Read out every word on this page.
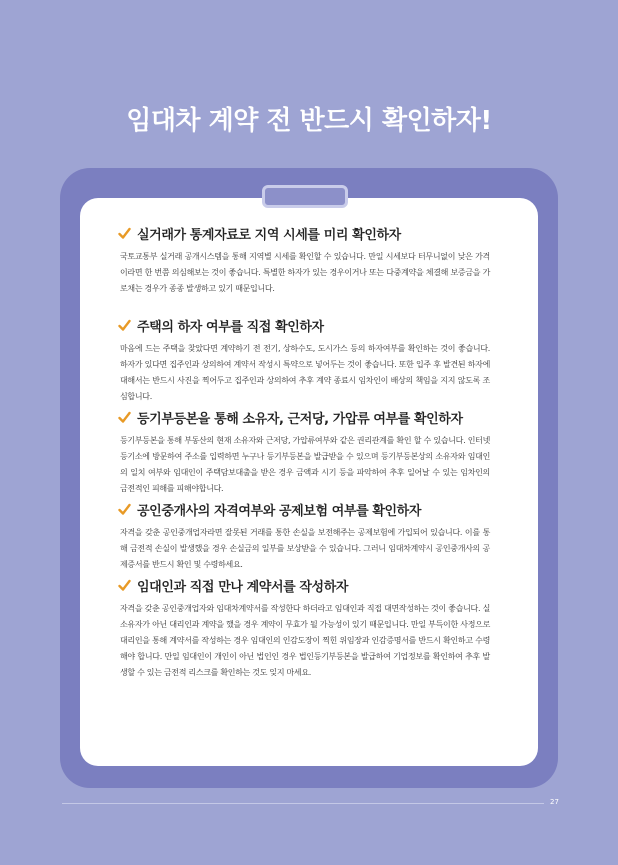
임대차 계약 전 반드시 확인하자!
실거래가 통계자료로 지역 시세를 미리 확인하자
국토교통부 실거래 공개시스템을 통해 지역별 시세를 확인할 수 있습니다. 만일 시세보다 터무니없이 낮은 가격이라면 한 번쯤 의심해보는 것이 좋습니다. 특별한 하자가 있는 경우이거나 또는 다중계약을 체결해 보증금을 가로채는 경우가 종종 발생하고 있기 때문입니다.
주택의 하자 여부를 직접 확인하자
마음에 드는 주택을 찾았다면 계약하기 전 전기, 상하수도, 도시가스 등의 하자여부를 확인하는 것이 좋습니다. 하자가 있다면 집주인과 상의하여 계약서 작성시 특약으로 넣어두는 것이 좋습니다. 또한 입주 후 발견된 하자에 대해서는 반드시 사진을 찍어두고 집주인과 상의하여 추후 계약 종료시 임차인이 배상의 책임을 지지 않도록 조심합니다.
등기부등본을 통해 소유자, 근저당, 가압류 여부를 확인하자
등기부등본을 통해 부동산의 현재 소유자와 근저당, 가압류여부와 같은 권리관계를 확인 할 수 있습니다. 인터넷등기소에 방문하여 주소를 입력하면 누구나 등기부등본을 발급받을 수 있으며 등기부등본상의 소유자와 임대인의 일치 여부와 임대인이 주택담보대출을 받은 경우 금액과 시기 등을 파악하여 추후 일어날 수 있는 임차인의 금전적인 피해를 피해야합니다.
공인중개사의 자격여부와 공제보험 여부를 확인하자
자격을 갖춘 공인중개업자라면 잘못된 거래를 통한 손실을 보전해주는 공제보험에 가입되어 있습니다. 이를 통해 금전적 손실이 발생했을 경우 손실금의 일부를 보상받을 수 있습니다. 그러니 임대차계약시 공인중개사의 공제증서를 반드시 확인 및 수령하세요.
임대인과 직접 만나 계약서를 작성하자
자격을 갖춘 공인중개업자와 임대차계약서를 작성한다 하더라고 임대인과 직접 대면작성하는 것이 좋습니다. 실소유자가 아닌 대리인과 계약을 했을 경우 계약이 무효가 될 가능성이 있기 때문입니다. 만일 부득이한 사정으로 대리인을 통해 계약서를 작성하는 경우 임대인의 인감도장이 찍힌 위임장과 인감증명서를 반드시 확인하고 수령해야 합니다. 만일 임대인이 개인이 아닌 법인인 경우 법인등기부등본을 발급하여 기업정보를 확인하여 추후 발생할 수 있는 금전적 리스크를 확인하는 것도 잊지 마세요.
27
